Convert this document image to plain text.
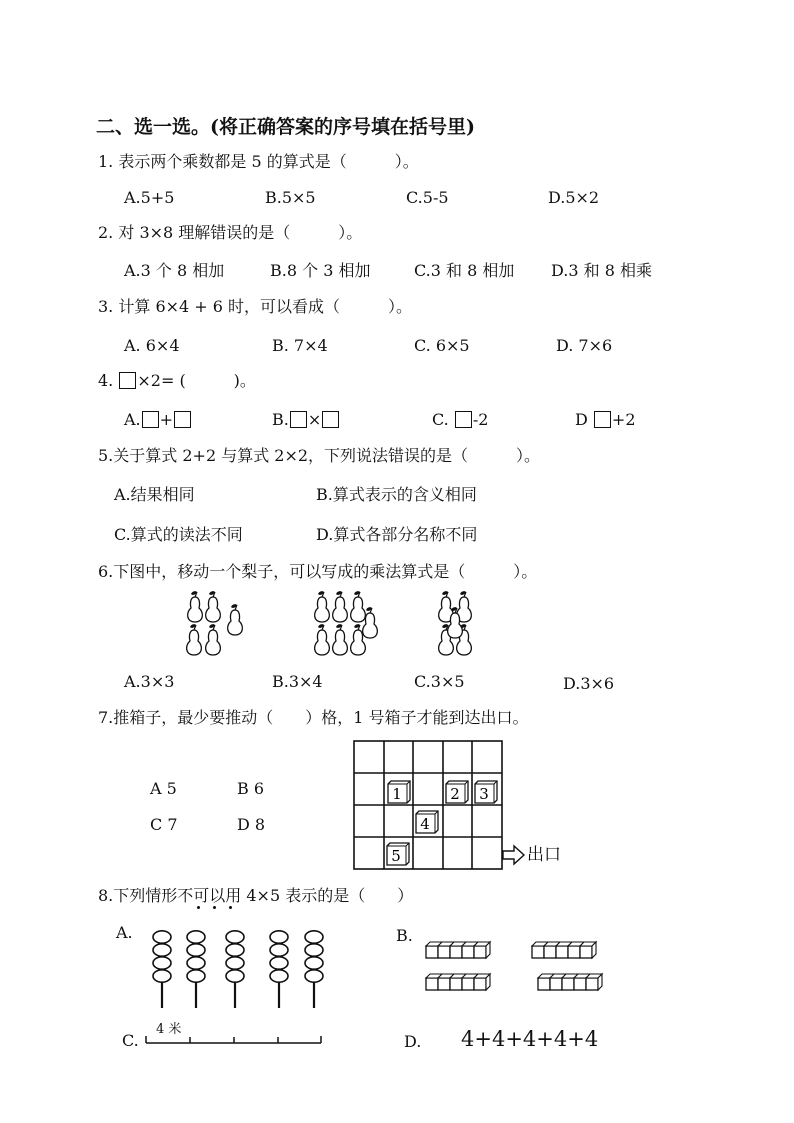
二、选一选。(将正确答案的序号填在括号里)
1. 表示两个乘数都是 5 的算式是（　　　）。
A.5+5	B.5×5	C.5-5	D.5×2
2. 对 3×8 理解错误的是（　　　）。
A.3 个 8 相加	B.8 个 3 相加	C.3 和 8 相加 D.3 和 8 相乘
3. 计算 6×4 + 6 时，可以看成（　　　）。
A. 6×4	B. 7×4	C. 6×5	D. 7×6
4. ×2= (　　　)。
A. +	B. ×	C. -2	D +2
5.关于算式 2+2 与算式 2×2，下列说法错误的是（　　　）。
A.结果相同	B.算式表示的含义相同
C.算式的读法不同	D.算式各部分名称不同
6.下图中，移动一个梨子，可以写成的乘法算式是（　　　）。
A.3×3	B.3×4	C.3×5	D.3×6
7.推箱子，最少要推动（　　）格，1 号箱子才能到达出口。
A 5	B 6
C 7	D 8
1	2 3
4
5	出口
8.下列情形不可以用 4×5 表示的是（　　）
A.	B.
C.
4 米
D. 4+4+4+4+4
